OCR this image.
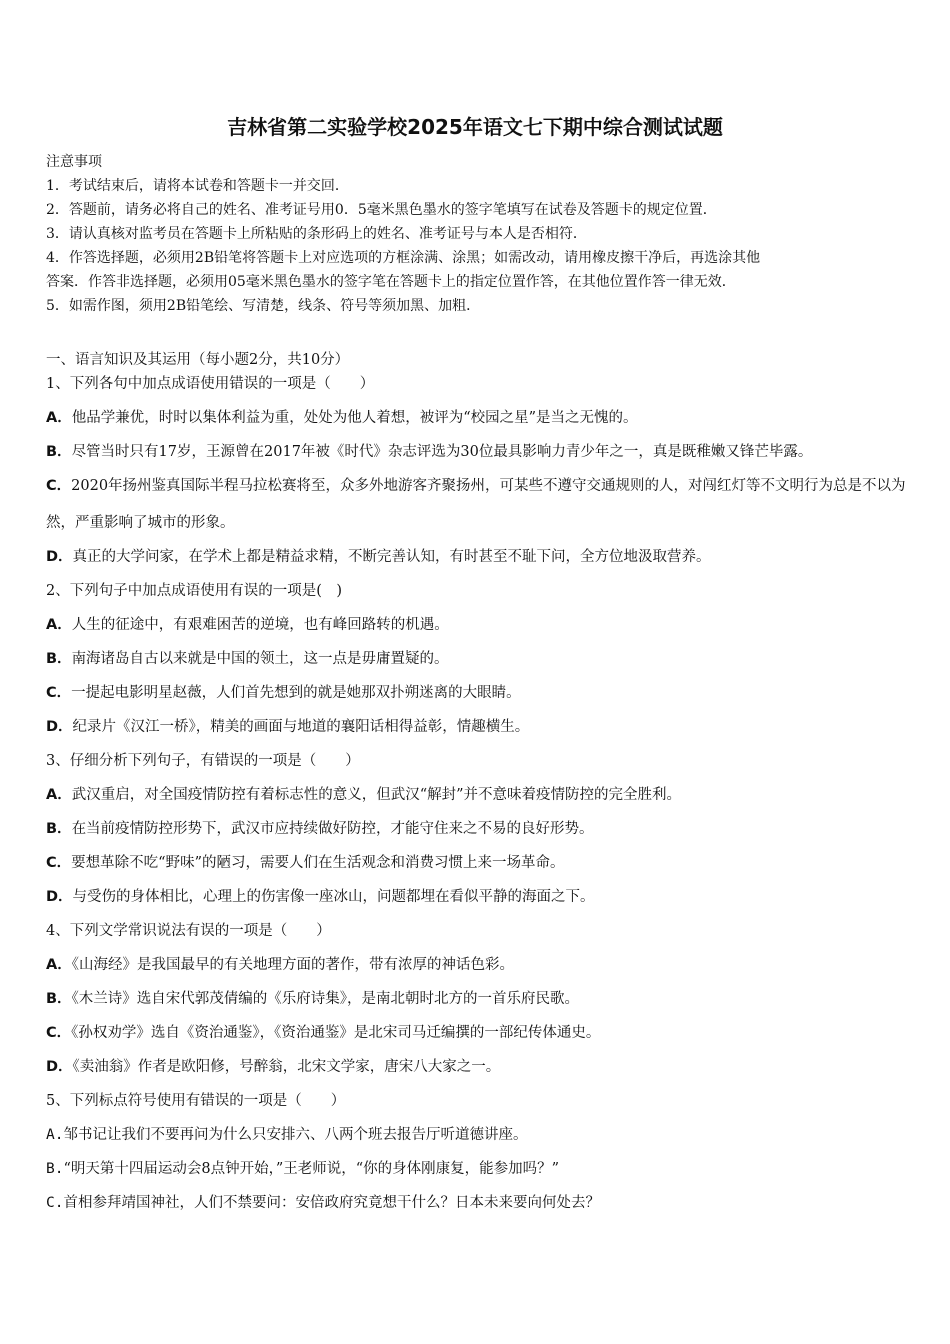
吉林省第二实验学校2025年语文七下期中综合测试试题
注意事项
1．考试结束后，请将本试卷和答题卡一并交回．
2．答题前，请务必将自己的姓名、准考证号用0．5毫米黑色墨水的签字笔填写在试卷及答题卡的规定位置．
3．请认真核对监考员在答题卡上所粘贴的条形码上的姓名、准考证号与本人是否相符．
4．作答选择题，必须用2B铅笔将答题卡上对应选项的方框涂满、涂黑；如需改动，请用橡皮擦干净后，再选涂其他
答案．作答非选择题，必须用05毫米黑色墨水的签字笔在答题卡上的指定位置作答，在其他位置作答一律无效．
5．如需作图，须用2B铅笔绘、写清楚，线条、符号等须加黑、加粗．
一、语言知识及其运用（每小题2分，共10分）
1、下列各句中加点成语使用错误的一项是（　　）
A．他品学兼优，时时以集体利益为重，处处为他人着想，被评为“校园之星”是当之无愧的。
B．尽管当时只有17岁，王源曾在2017年被《时代》杂志评选为30位最具影响力青少年之一，真是既稚嫩又锋芒毕露。
C．2020年扬州鉴真国际半程马拉松赛将至，众多外地游客齐聚扬州，可某些不遵守交通规则的人，对闯红灯等不文明行为总是不以为然，严重影响了城市的形象。
D．真正的大学问家，在学术上都是精益求精，不断完善认知，有时甚至不耻下问，全方位地汲取营养。
2、下列句子中加点成语使用有误的一项是(　)
A．人生的征途中，有艰难困苦的逆境，也有峰回路转的机遇。
B．南海诸岛自古以来就是中国的领土，这一点是毋庸置疑的。
C．一提起电影明星赵薇，人们首先想到的就是她那双扑朔迷离的大眼睛。
D．纪录片《汉江一桥》，精美的画面与地道的襄阳话相得益彰，情趣横生。
3、仔细分析下列句子，有错误的一项是（　　）
A．武汉重启，对全国疫情防控有着标志性的意义，但武汉“解封”并不意味着疫情防控的完全胜利。
B．在当前疫情防控形势下，武汉市应持续做好防控，才能守住来之不易的良好形势。
C．要想革除不吃“野味”的陋习，需要人们在生活观念和消费习惯上来一场革命。
D．与受伤的身体相比，心理上的伤害像一座冰山，问题都埋在看似平静的海面之下。
4、下列文学常识说法有误的一项是（　　）
A．《山海经》是我国最早的有关地理方面的著作，带有浓厚的神话色彩。
B．《木兰诗》选自宋代郭茂倩编的《乐府诗集》，是南北朝时北方的一首乐府民歌。
C．《孙权劝学》选自《资治通鉴》，《资治通鉴》是北宋司马迁编撰的一部纪传体通史。
D．《卖油翁》作者是欧阳修，号醉翁，北宋文学家，唐宋八大家之一。
5、下列标点符号使用有错误的一项是（　　）
A.邹书记让我们不要再问为什么只安排六、八两个班去报告厅听道德讲座。
B.“明天第十四届运动会8点钟开始，”王老师说，“你的身体刚康复，能参加吗？”
C.首相参拜靖国神社，人们不禁要问：安倍政府究竟想干什么？日本未来要向何处去？
